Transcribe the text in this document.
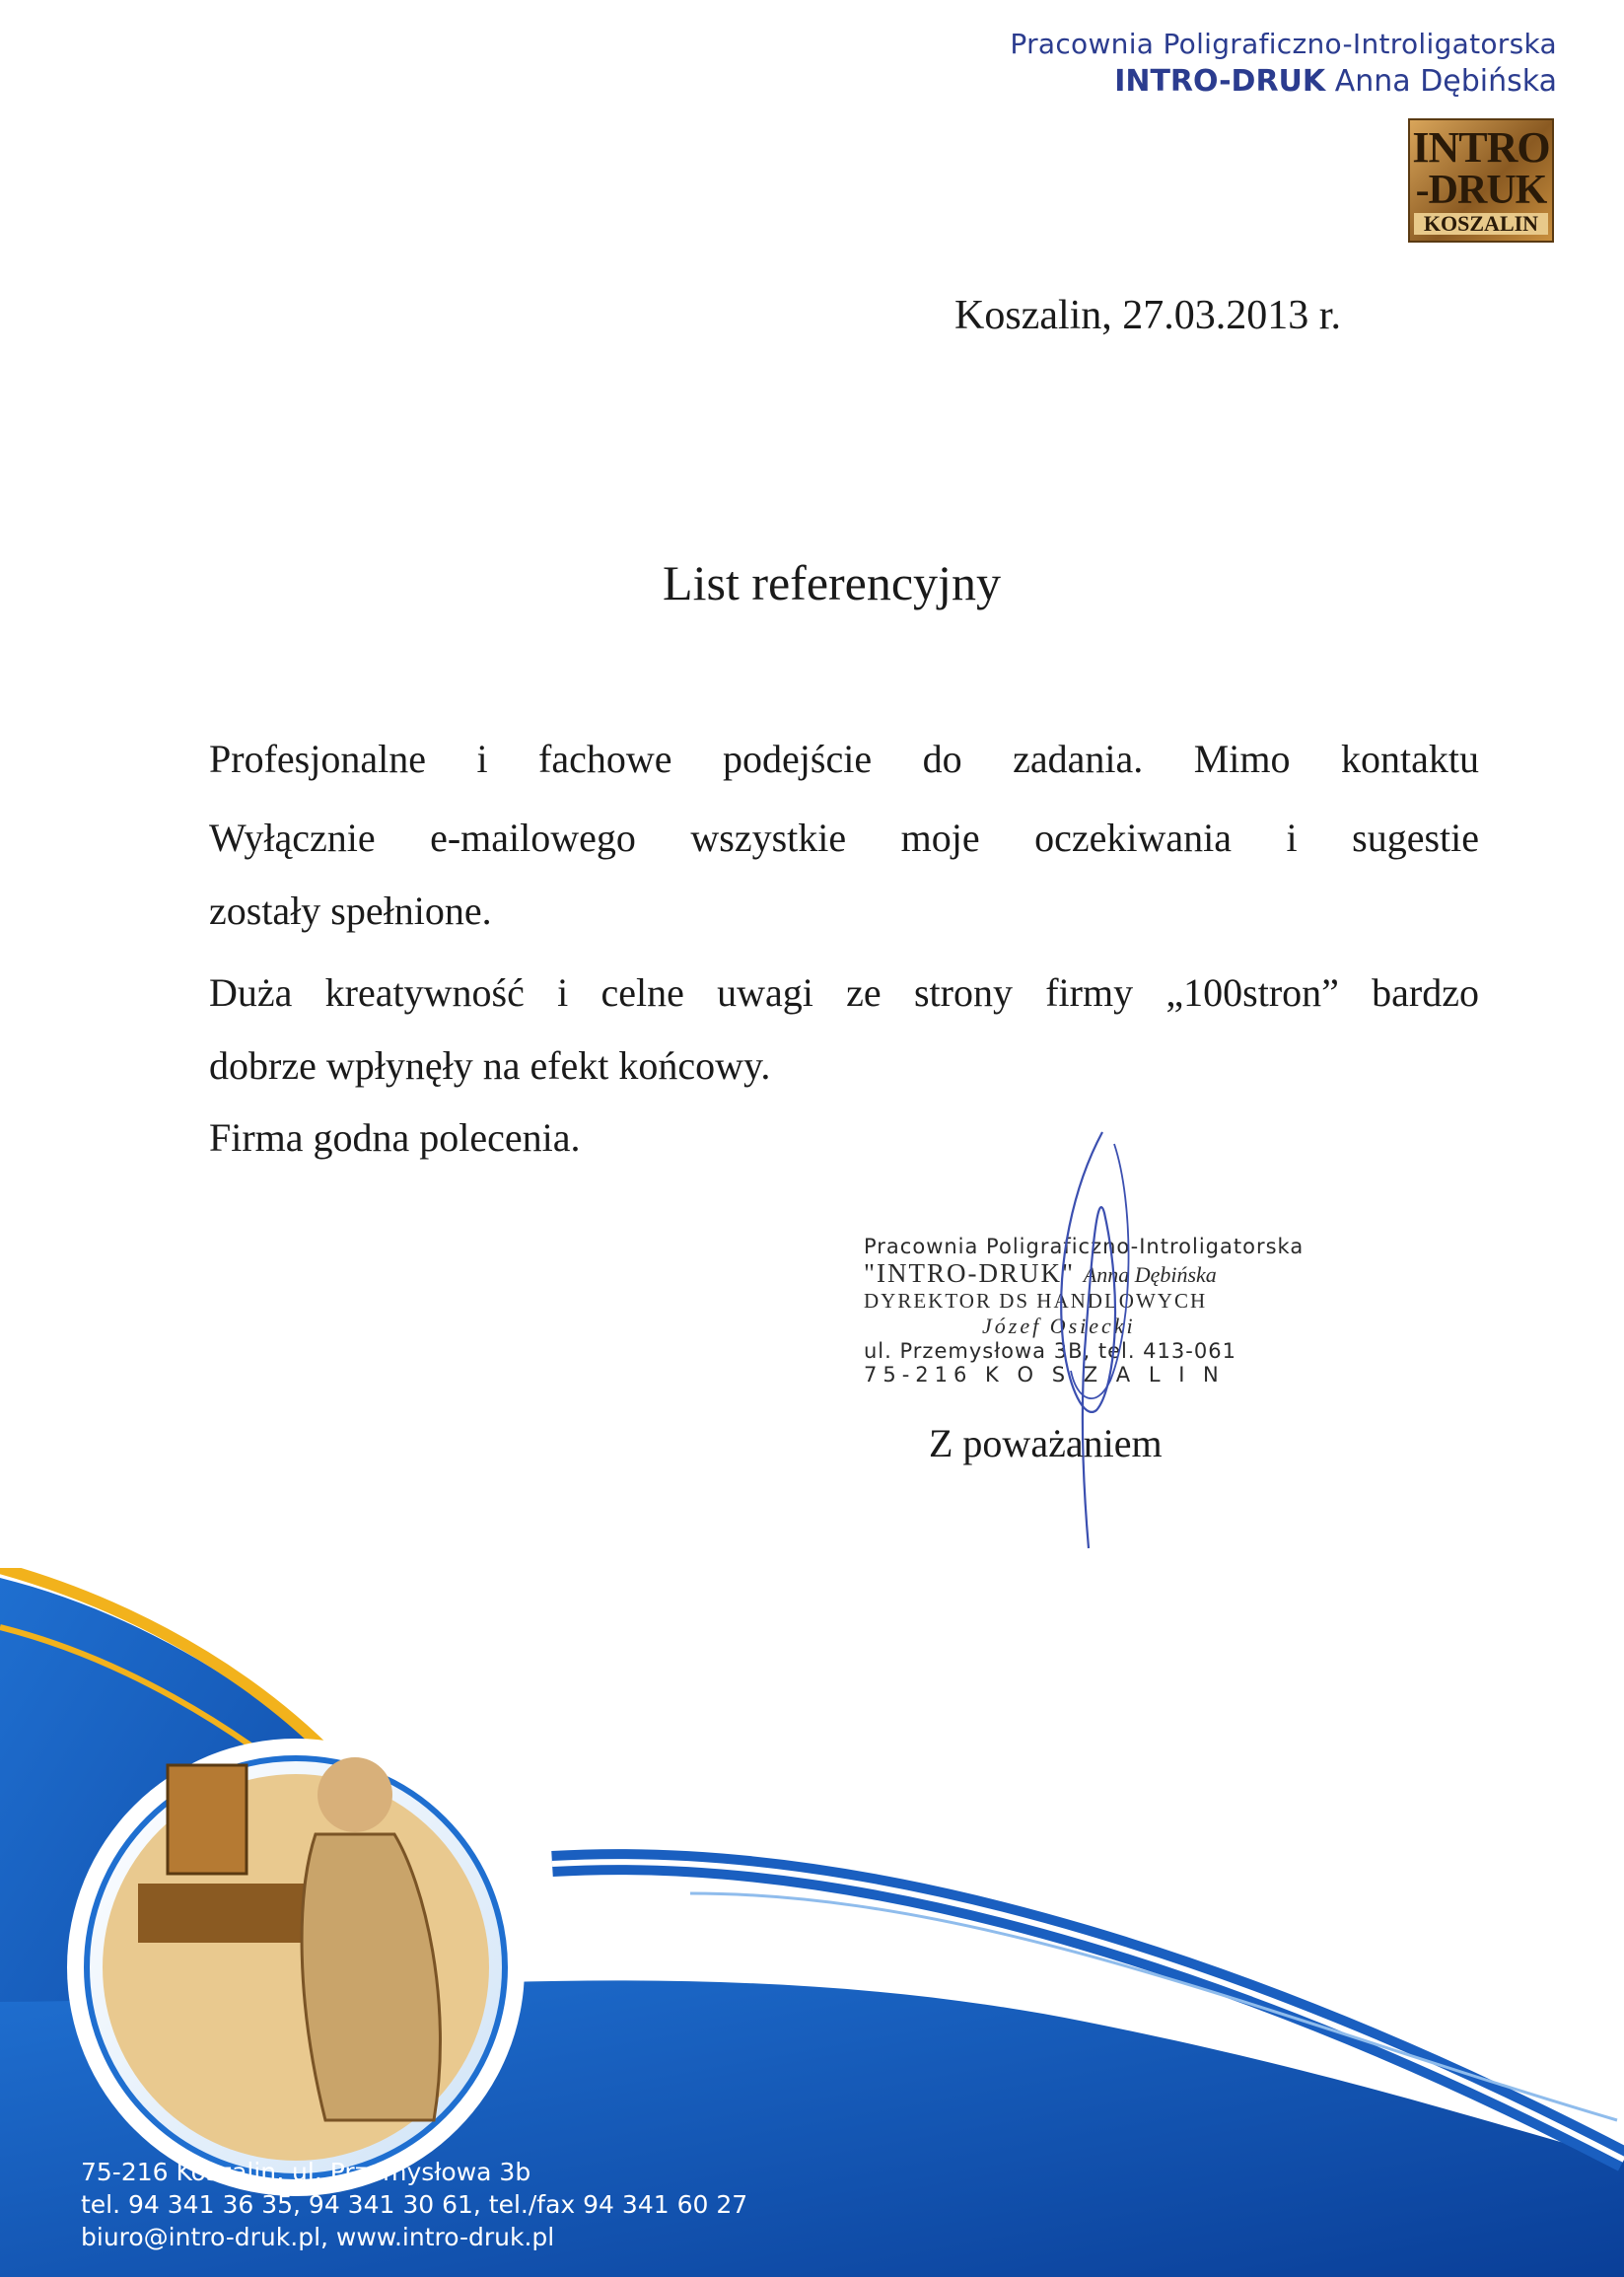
Pracownia Poligraficzno-Introligatorska
INTRO-DRUK Anna Dębińska
INTRO
-DRUK
KOSZALIN
Koszalin, 27.03.2013 r.
List referencyjny
Profesjonalne i fachowe podejście do zadania. Mimo kontaktu
Wyłącznie e-mailowego wszystkie moje oczekiwania i sugestie
zostały spełnione.
Duża kreatywność i celne uwagi ze strony firmy „100stron” bardzo
dobrze wpłynęły na efekt końcowy.
Firma godna polecenia.
Pracownia Poligraficzno-Introligatorska
"INTRO-DRUK" Anna Dębińska
DYREKTOR DS HANDLOWYCH
Józef Osiecki
ul. Przemysłowa 3B, tel. 413-061
75-216 K O S Z A L I N
Z poważaniem
75-216 Koszalin, ul. Przemysłowa 3b
tel. 94 341 36 35, 94 341 30 61, tel./fax 94 341 60 27
biuro@intro-druk.pl, www.intro-druk.pl
